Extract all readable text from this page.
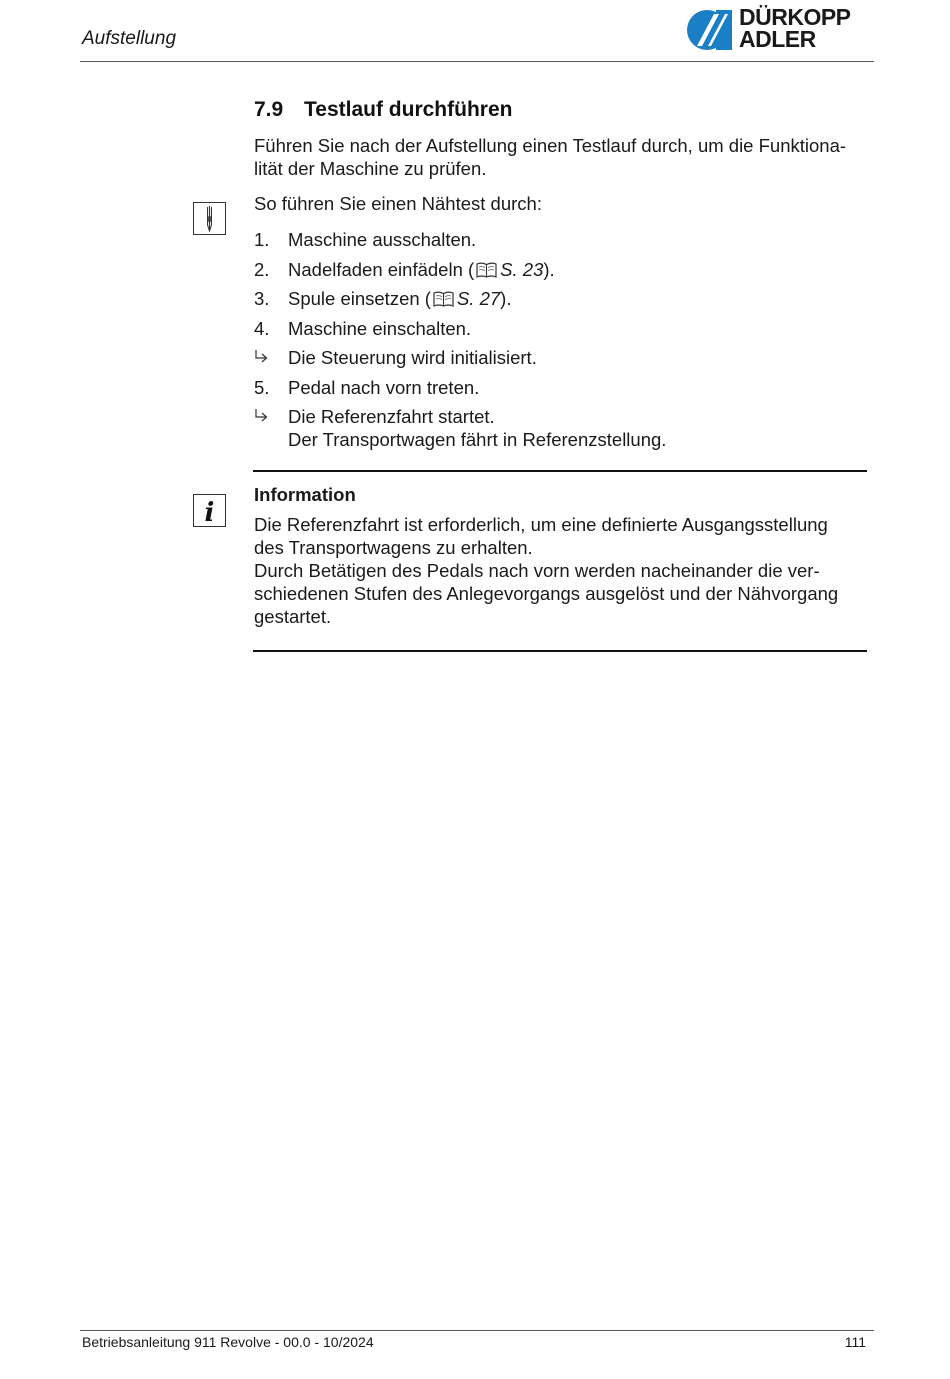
Aufstellung
DÜRKOPP
ADLER
7.9 Testlauf durchführen
Führen Sie nach der Aufstellung einen Testlauf durch, um die Funktiona-
lität der Maschine zu prüfen.
So führen Sie einen Nähtest durch:
1.	Maschine ausschalten.
2.	Nadelfaden einfädeln ( S. 23).
3.	Spule einsetzen ( S. 27).
4.	Maschine einschalten.
Die Steuerung wird initialisiert.
5.	Pedal nach vorn treten.
Die Referenzfahrt startet.
Der Transportwagen fährt in Referenzstellung.
i
Information
Die Referenzfahrt ist erforderlich, um eine definierte Ausgangsstellung
des Transportwagens zu erhalten.
Durch Betätigen des Pedals nach vorn werden nacheinander die ver-
schiedenen Stufen des Anlegevorgangs ausgelöst und der Nähvorgang
gestartet.
Betriebsanleitung 911 Revolve - 00.0 - 10/2024	111
